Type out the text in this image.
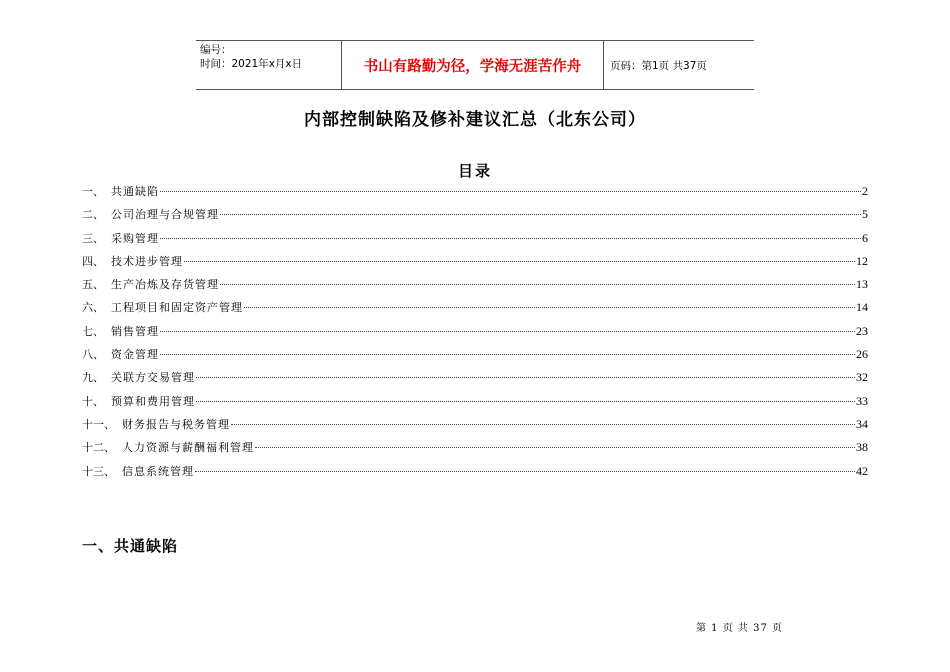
编号：
时间：2021年x月x日	书山有路勤为径，学海无涯苦作舟	页码：第1页 共37页
内部控制缺陷及修补建议汇总（北东公司）
目录
一、 共通缺陷	2
二、 公司治理与合规管理	5
三、 采购管理	6
四、 技术进步管理	12
五、 生产冶炼及存货管理	13
六、 工程项目和固定资产管理	14
七、 销售管理	23
八、 资金管理	26
九、 关联方交易管理	32
十、 预算和费用管理	33
十一、 财务报告与税务管理	34
十二、 人力资源与薪酬福利管理	38
十三、 信息系统管理	42
一、共通缺陷
第 1 页 共 37 页
